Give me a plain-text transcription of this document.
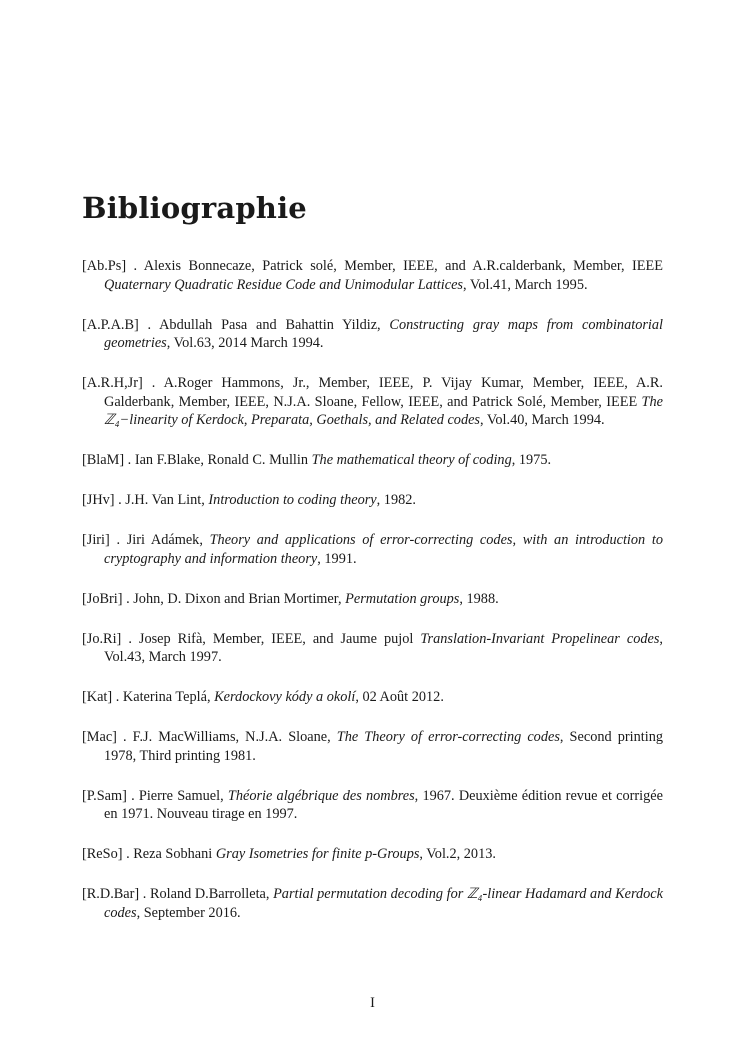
Bibliographie

[Ab.Ps] . Alexis Bonnecaze, Patrick solé, Member, IEEE, and A.R.calderbank, Member, IEEE Quaternary Quadratic Residue Code and Unimodular Lattices, Vol.41, March 1995.

[A.P.A.B] . Abdullah Pasa and Bahattin Yildiz, Constructing gray maps from combinatorial geometries, Vol.63, 2014 March 1994.

[A.R.H,Jr] . A.Roger Hammons, Jr., Member, IEEE, P. Vijay Kumar, Member, IEEE, A.R. Galderbank, Member, IEEE, N.J.A. Sloane, Fellow, IEEE, and Patrick Solé, Member, IEEE The ℤ₄−linearity of Kerdock, Preparata, Goethals, and Related codes, Vol.40, March 1994.

[BlaM] . Ian F.Blake, Ronald C. Mullin The mathematical theory of coding, 1975.

[JHv] . J.H. Van Lint, Introduction to coding theory, 1982.

[Jiri] . Jiri Adámek, Theory and applications of error-correcting codes, with an introduction to cryptography and information theory, 1991.

[JoBri] . John, D. Dixon and Brian Mortimer, Permutation groups, 1988.

[Jo.Ri] . Josep Rifà, Member, IEEE, and Jaume pujol Translation-Invariant Propelinear codes, Vol.43, March 1997.

[Kat] . Katerina Teplá, Kerdockovy kódy a okolí, 02 Août 2012.

[Mac] . F.J. MacWilliams, N.J.A. Sloane, The Theory of error-correcting codes, Second printing 1978, Third printing 1981.

[P.Sam] . Pierre Samuel, Théorie algébrique des nombres, 1967. Deuxième édition revue et corrigée en 1971. Nouveau tirage en 1997.

[ReSo] . Reza Sobhani Gray Isometries for finite p-Groups, Vol.2, 2013.

[R.D.Bar] . Roland D.Barrolleta, Partial permutation decoding for ℤ₄-linear Hadamard and Kerdock codes, September 2016.

I
